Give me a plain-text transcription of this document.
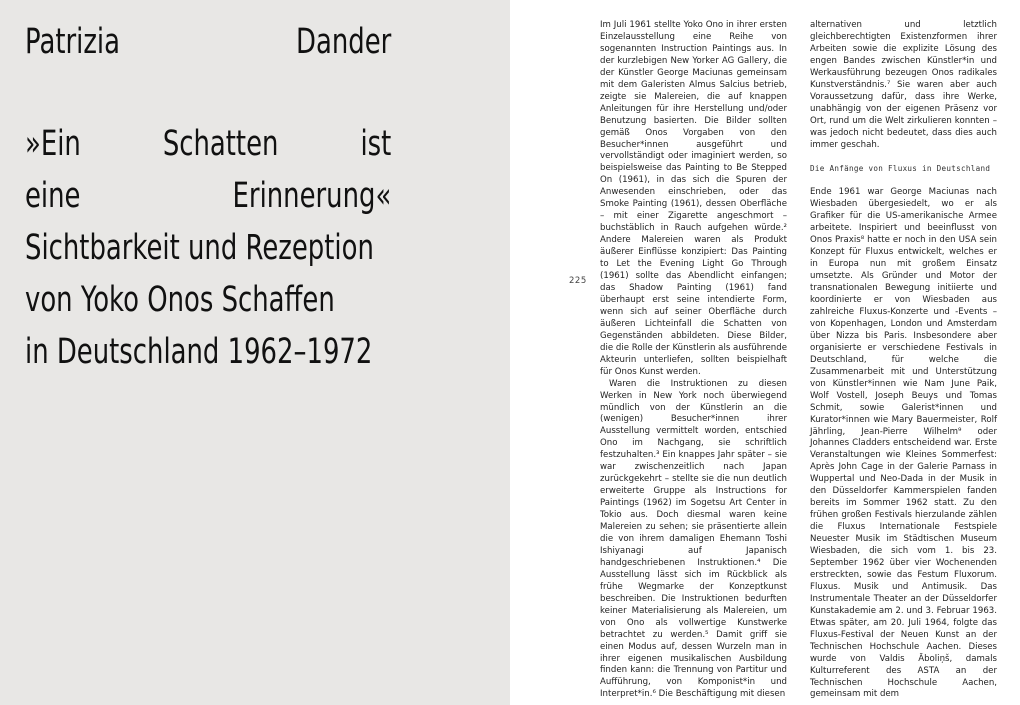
Patrizia	Dander
»Ein Schatten ist
eine	Erinnerung«
Sichtbarkeit und Rezeption
von Yoko Onos Schaffen
in Deutschland 1962–1972
225

Im Juli 1961 stellte Yoko Ono in ihrer ersten Einzelausstellung eine Reihe von sogenannten Instruction Paintings aus. In der kurzlebigen New Yorker AG Gallery, die der Künstler George Maciunas gemeinsam mit dem Galeristen Almus Salcius betrieb, zeigte sie Malereien, die auf knappen Anleitungen für ihre Herstellung und/oder Benutzung basierten. Die Bilder sollten gemäß Onos Vorgaben von den Besucher*innen ausgeführt und vervollständigt oder imaginiert werden, so beispielsweise das Painting to Be Stepped On (1961), in das sich die Spuren der Anwesenden einschrieben, oder das Smoke Painting (1961), dessen Oberfläche – mit einer Zigarette angeschmort – buchstäblich in Rauch aufgehen würde.² Andere Malereien waren als Produkt äußerer Einflüsse konzipiert: Das Painting to Let the Evening Light Go Through (1961) sollte das Abendlicht einfangen; das Shadow Painting (1961) fand überhaupt erst seine intendierte Form, wenn sich auf seiner Oberfläche durch äußeren Lichteinfall die Schatten von Gegenständen abbildeten. Diese Bilder, die die Rolle der Künstlerin als ausführende Akteurin unterliefen, sollten beispielhaft für Onos Kunst werden.

Waren die Instruktionen zu diesen Werken in New York noch überwiegend mündlich von der Künstlerin an die (wenigen) Besucher*innen ihrer Ausstellung vermittelt worden, entschied Ono im Nachgang, sie schriftlich festzuhalten.³ Ein knappes Jahr später – sie war zwischenzeitlich nach Japan zurückgekehrt – stellte sie die nun deutlich erweiterte Gruppe als Instructions for Paintings (1962) im Sogetsu Art Center in Tokio aus. Doch diesmal waren keine Malereien zu sehen; sie präsentierte allein die von ihrem damaligen Ehemann Toshi Ishiyanagi auf Japanisch handgeschriebenen Instruktionen.⁴ Die Ausstellung lässt sich im Rückblick als frühe Wegmarke der Konzeptkunst beschreiben. Die Instruktionen bedurften keiner Materialisierung als Malereien, um von Ono als vollwertige Kunstwerke betrachtet zu werden.⁵ Damit griff sie einen Modus auf, dessen Wurzeln man in ihrer eigenen musikalischen Ausbildung finden kann: die Trennung von Partitur und Aufführung, von Komponist*in und Interpret*in.⁶ Die Beschäftigung mit diesen

alternativen und letztlich gleichberechtigten Existenzformen ihrer Arbeiten sowie die explizite Lösung des engen Bandes zwischen Künstler*in und Werkausführung bezeugen Onos radikales Kunstverständnis.⁷ Sie waren aber auch Voraussetzung dafür, dass ihre Werke, unabhängig von der eigenen Präsenz vor Ort, rund um die Welt zirkulieren konnten – was jedoch nicht bedeutet, dass dies auch immer geschah.

Die Anfänge von Fluxus in Deutschland

Ende 1961 war George Maciunas nach Wiesbaden übergesiedelt, wo er als Grafiker für die US-amerikanische Armee arbeitete. Inspiriert und beeinflusst von Onos Praxis⁸ hatte er noch in den USA sein Konzept für Fluxus entwickelt, welches er in Europa nun mit großem Einsatz umsetzte. Als Gründer und Motor der transnationalen Bewegung initiierte und koordinierte er von Wiesbaden aus zahlreiche Fluxus-Konzerte und -Events – von Kopenhagen, London und Amsterdam über Nizza bis Paris. Insbesondere aber organisierte er verschiedene Festivals in Deutschland, für welche die Zusammenarbeit mit und Unterstützung von Künstler*innen wie Nam June Paik, Wolf Vostell, Joseph Beuys und Tomas Schmit, sowie Galerist*innen und Kurator*innen wie Mary Bauermeister, Rolf Jährling, Jean-Pierre Wilhelm⁹ oder Johannes Cladders entscheidend war. Erste Veranstaltungen wie Kleines Sommerfest: Après John Cage in der Galerie Parnass in Wuppertal und Neo-Dada in der Musik in den Düsseldorfer Kammerspielen fanden bereits im Sommer 1962 statt. Zu den frühen großen Festivals hierzulande zählen die Fluxus Internationale Festspiele Neuester Musik im Städtischen Museum Wiesbaden, die sich vom 1. bis 23. September 1962 über vier Wochenenden erstreckten, sowie das Festum Fluxorum. Fluxus. Musik und Antimusik. Das Instrumentale Theater an der Düsseldorfer Kunstakademie am 2. und 3. Februar 1963. Etwas später, am 20. Juli 1964, folgte das Fluxus-Festival der Neuen Kunst an der Technischen Hochschule Aachen. Dieses wurde von Valdis Āboliņš, damals Kulturreferent des ASTA an der Technischen Hochschule Aachen, gemeinsam mit dem
